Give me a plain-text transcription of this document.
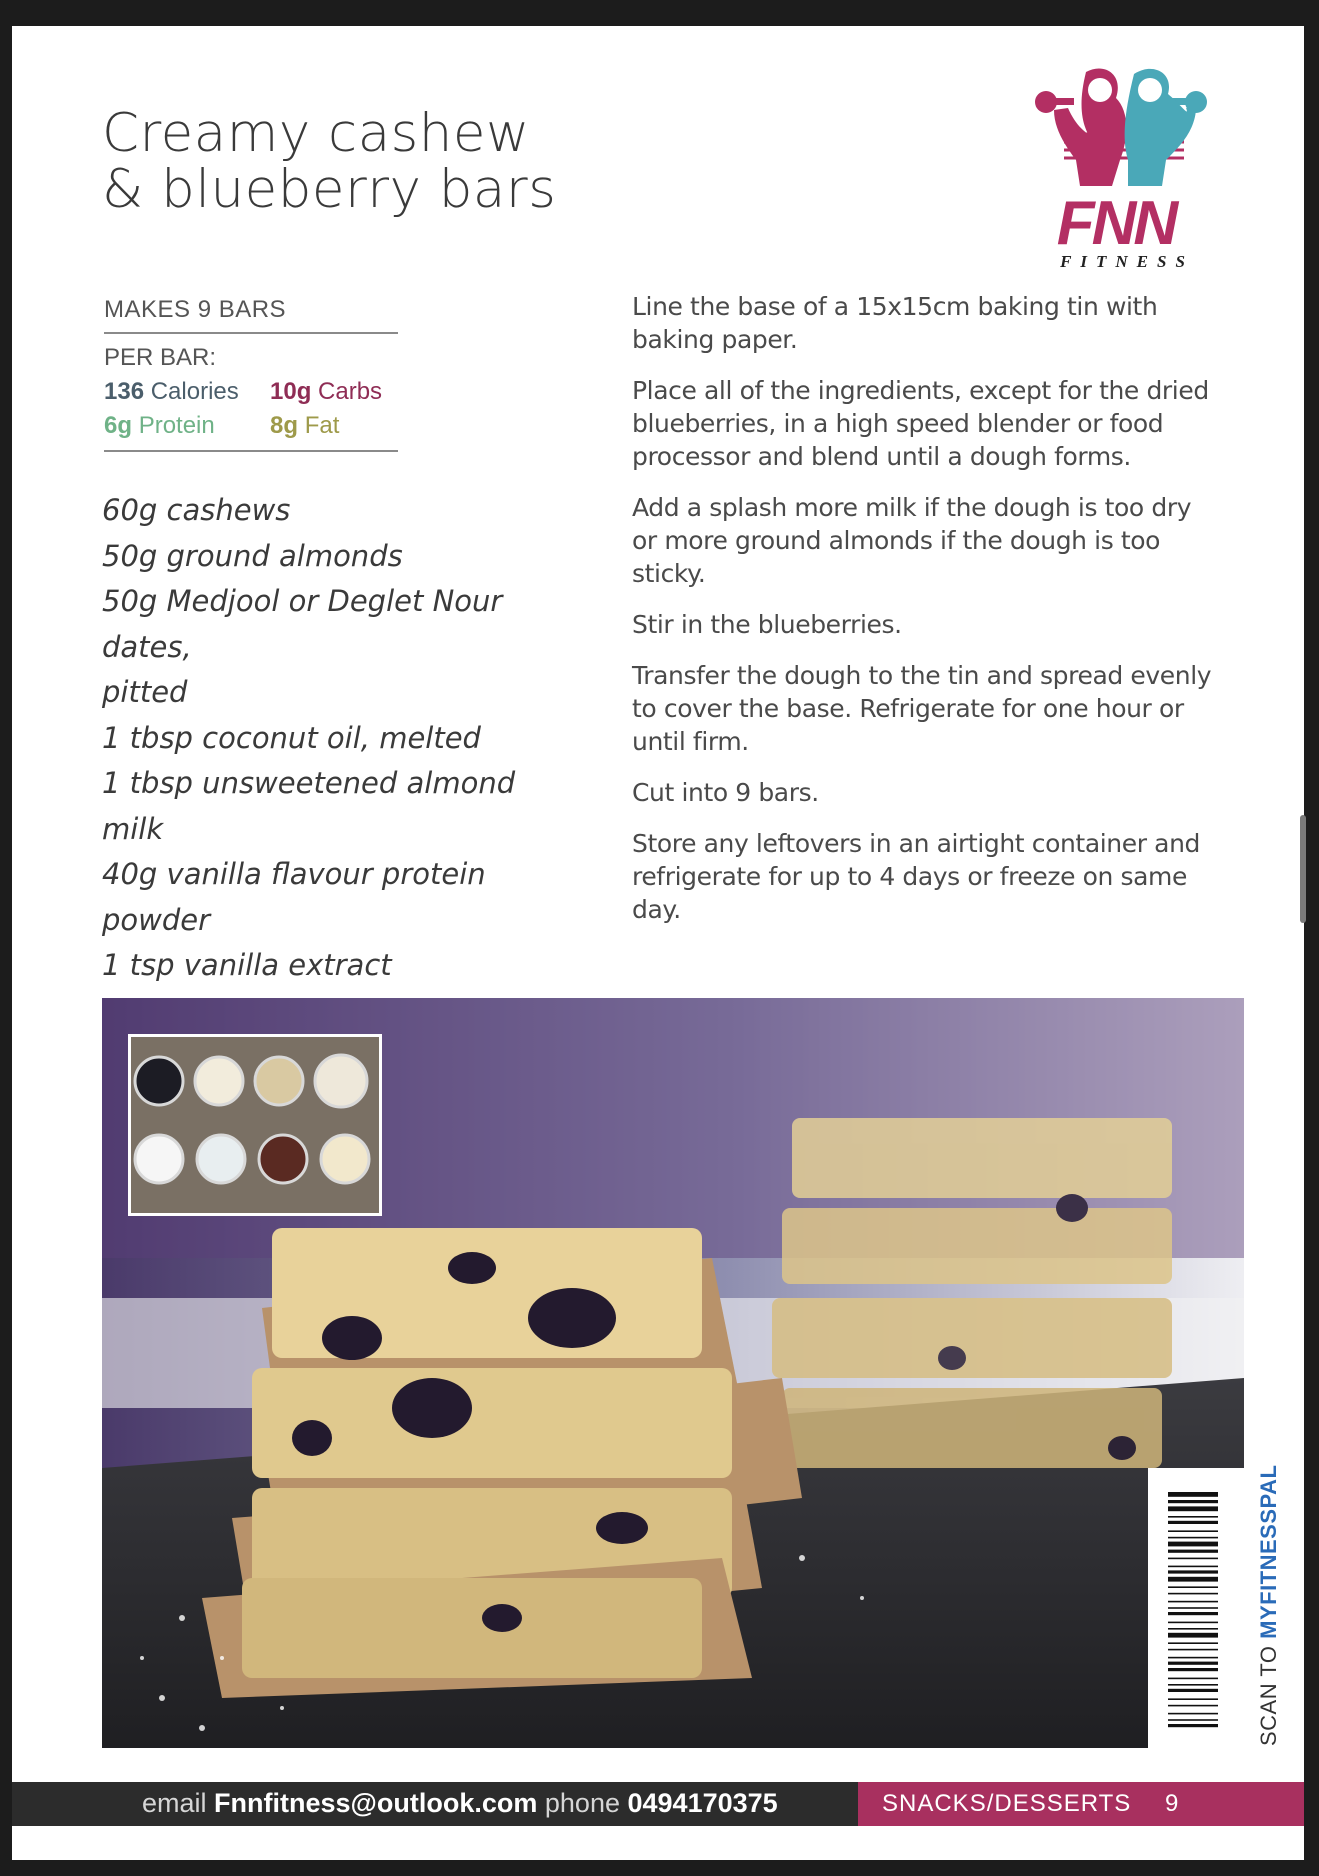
Creamy cashew
& blueberry bars	FNN
FITNESS
MAKES 9 BARS
PER BAR:
136 Calories 10g Carbs
6g Protein 8g Fat
60g cashews
50g ground almonds
50g Medjool or Deglet Nour dates,
pitted
1 tbsp coconut oil, melted
1 tbsp unsweetened almond milk
40g vanilla flavour protein powder
1 tsp vanilla extract

Line the base of a 15x15cm baking tin with baking paper.

Place all of the ingredients, except for the dried blueberries, in a high speed blender or food processor and blend until a dough forms.

Add a splash more milk if the dough is too dry or more ground almonds if the dough is too sticky.

Stir in the blueberries.

Transfer the dough to the tin and spread evenly to cover the base. Refrigerate for one hour or until firm.

Cut into 9 bars.

Store any leftovers in an airtight container and refrigerate for up to 4 days or freeze on same day.

SCAN TO MYFITNESSPAL
email Fnnfitness@outlook.com phone 0494170375	SNACKS/DESSERTS 9
